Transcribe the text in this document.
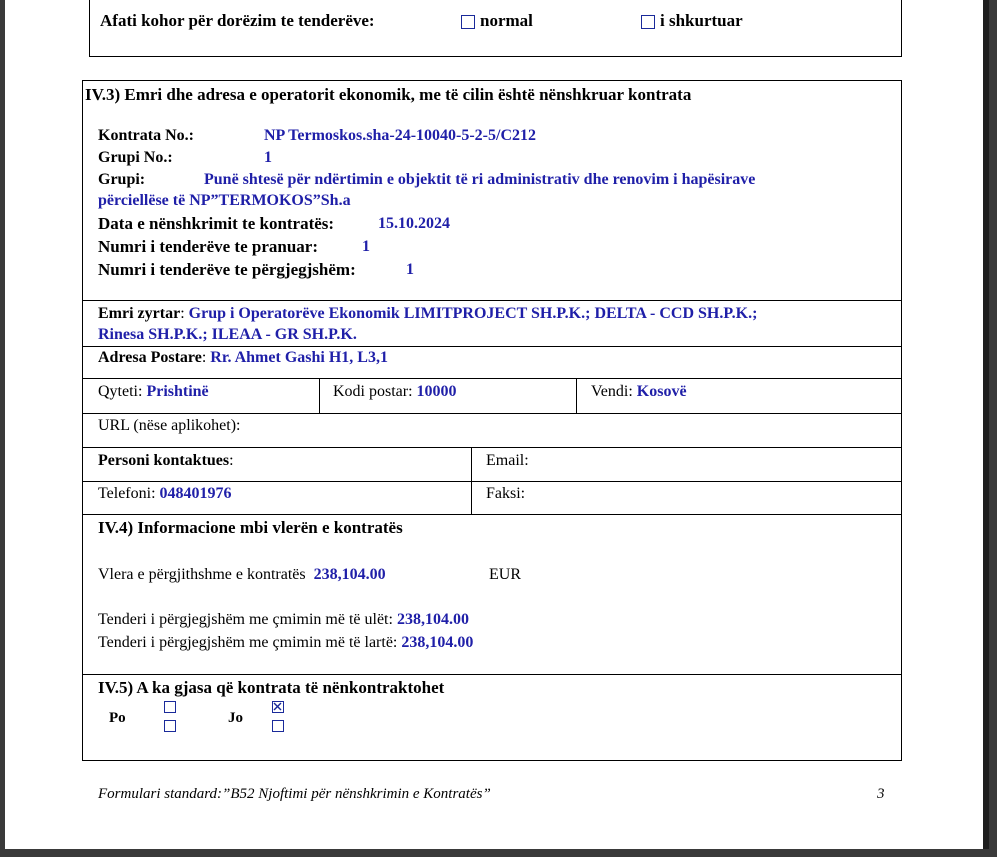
Afati kohor për dorëzim te tenderëve:	normal	i shkurtuar
IV.3) Emri dhe adresa e operatorit ekonomik, me të cilin është nënshkruar kontrata
Kontrata No.:	NP Termoskos.sha-24-10040-5-2-5/C212
Grupi No.:	1
Grupi:	Punë shtesë për ndërtimin e objektit të ri administrativ dhe renovim i hapësirave
përciellëse të NP”TERMOKOS”Sh.a
Data e nënshkrimit te kontratës:	15.10.2024
Numri i tenderëve te pranuar:	1
Numri i tenderëve te përgjegjshëm:	1
Emri zyrtar: Grup i Operatorëve Ekonomik LIMITPROJECT SH.P.K.; DELTA - CCD SH.P.K.;
Rinesa SH.P.K.; ILEAA - GR SH.P.K.
Adresa Postare: Rr. Ahmet Gashi H1, L3,1
Qyteti: Prishtinë	Kodi postar: 10000	Vendi: Kosovë
URL (nëse aplikohet):
Personi kontaktues:	Email:
Telefoni: 048401976	Faksi:
IV.4) Informacione mbi vlerën e kontratës
Vlera e përgjithshme e kontratës 238,104.00	EUR
Tenderi i përgjegjshëm me çmimin më të ulët: 238,104.00
Tenderi i përgjegjshëm me çmimin më të lartë: 238,104.00
IV.5) A ka gjasa që kontrata të nënkontraktohet
Po	Jo
Formulari standard:”B52 Njoftimi për nënshkrimin e Kontratës”	3
